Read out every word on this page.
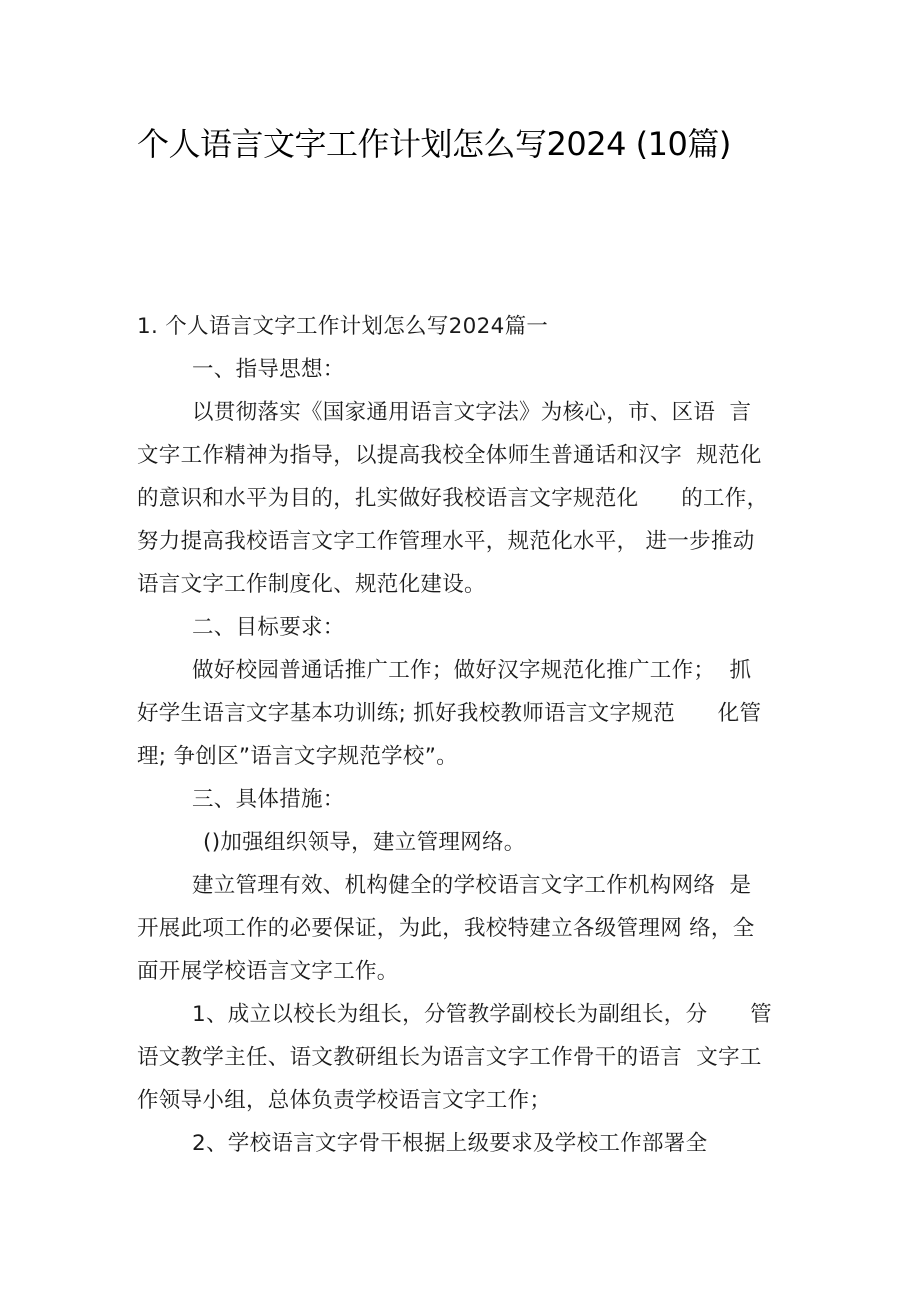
个人语言文字工作计划怎么写2024 (10篇)
1. 个人语言文字工作计划怎么写2024篇一
一、指导思想：
以贯彻落实《国家通用语言文字法》为核心，市、区语  言
文字工作精神为指导，以提高我校全体师生普通话和汉字  规范化
的意识和水平为目的，扎实做好我校语言文字规范化      的工作，
努力提高我校语言文字工作管理水平，规范化水平， 进一步推动
语言文字工作制度化、规范化建设。
二、目标要求：
做好校园普通话推广工作；做好汉字规范化推广工作；  抓
好学生语言文字基本功训练; 抓好我校教师语言文字规范      化管
理; 争创区”语言文字规范学校”。
三、具体措施：
()加强组织领导，建立管理网络。
建立管理有效、机构健全的学校语言文字工作机构网络  是
开展此项工作的必要保证，为此，我校特建立各级管理网 络，全
面开展学校语言文字工作。
1、成立以校长为组长，分管教学副校长为副组长，分      管
语文教学主任、语文教研组长为语言文字工作骨干的语言  文字工
作领导小组，总体负责学校语言文字工作；
2、学校语言文字骨干根据上级要求及学校工作部署全
